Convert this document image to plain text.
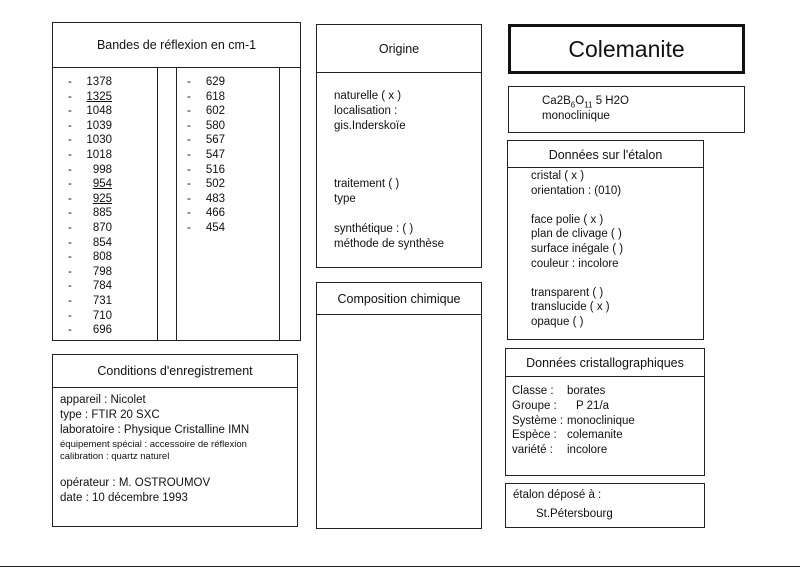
Bandes de réflexion en cm-1
- 1378
- 1325
- 1048
- 1039
- 1030
- 1018
-	998
-	954
-	925
-	885
-	870
-	854
-	808
-	798
-	784
-	731
-	710
-	696
- 629
- 618
- 602
- 580
- 567
- 547
- 516
- 502
- 483
- 466
- 454
Origine
naturelle ( x )
localisation :
gis.Inderskoïe
traitement ( )
type
synthétique : ( )
méthode de synthèse
Composition chimique
Colemanite
$Ca2B_6O_{11}$ 5 H2O
monoclinique
Données sur l'étalon
cristal ( x )
orientation : (010)
face polie ( x )
plan de clivage ( )
surface inégale ( )
couleur : incolore
transparent ( )
translucide ( x )
opaque ( )
Conditions d'enregistrement
appareil : Nicolet
type : FTIR 20 SXC
laboratoire : Physique Cristalline IMN
équipement spécial : accessoire de réflexion
calibration : quartz naturel
opérateur : M. OSTROUMOV
date : 10 décembre 1993
Données cristallographiques
Classe : borates
Groupe : P 21/a
Système : monoclinique
Espèce : colemanite
variété : incolore
étalon déposé à :
St.Pétersbourg
